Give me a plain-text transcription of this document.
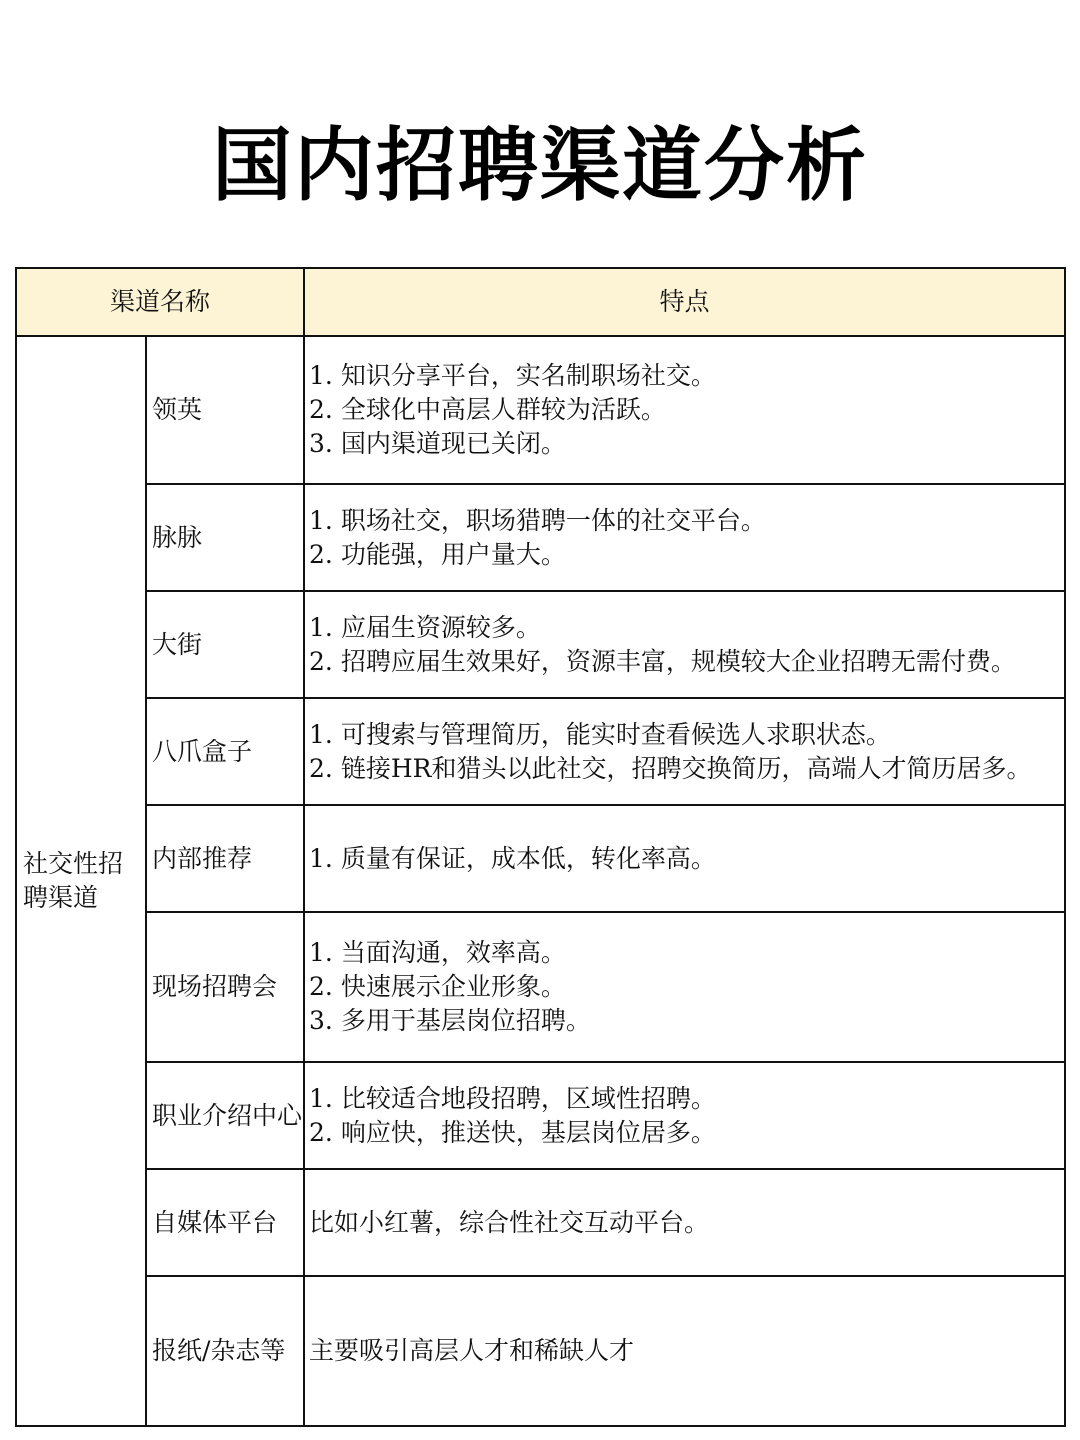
国内招聘渠道分析
渠道名称		特点
社交性招聘渠道	领英	1. 知识分享平台，实名制职场社交。
2. 全球化中高层人群较为活跃。
3. 国内渠道现已关闭。

	脉脉	1. 职场社交，职场猎聘一体的社交平台。
2. 功能强，用户量大。

	大街	1. 应届生资源较多。
2. 招聘应届生效果好，资源丰富，规模较大企业招聘无需付费。

	八爪盒子	1. 可搜索与管理简历，能实时查看候选人求职状态。
2. 链接HR和猎头以此社交，招聘交换简历，高端人才简历居多。

	内部推荐	1. 质量有保证，成本低，转化率高。

	现场招聘会	1. 当面沟通，效率高。
2. 快速展示企业形象。
3. 多用于基层岗位招聘。

	职业介绍中心	1. 比较适合地段招聘，区域性招聘。
2. 响应快，推送快，基层岗位居多。

	自媒体平台	比如小红薯，综合性社交互动平台。

	报纸/杂志等	主要吸引高层人才和稀缺人才
